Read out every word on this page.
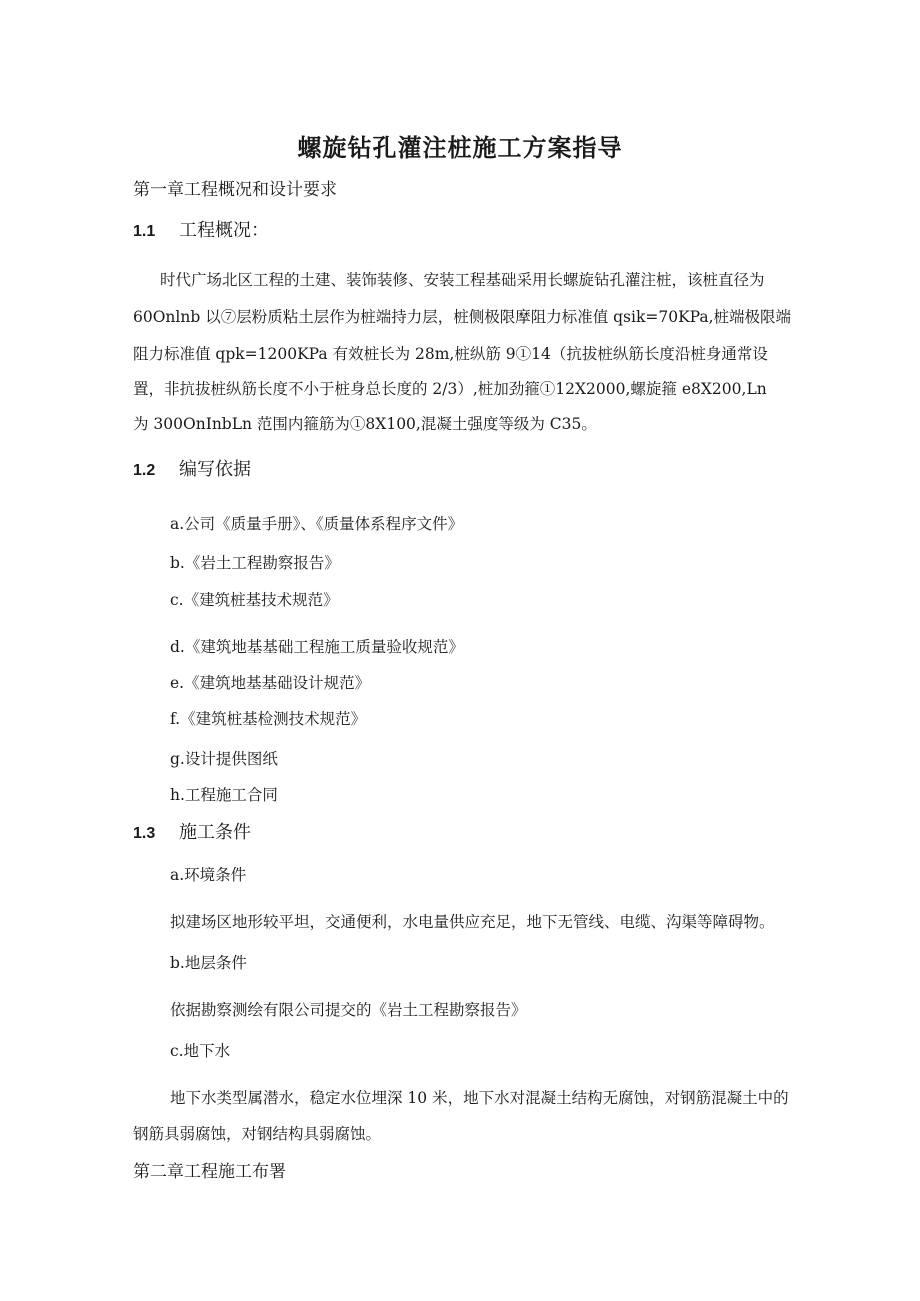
螺旋钻孔灌注桩施工方案指导
第一章工程概况和设计要求
1.1 工程概况：
时代广场北区工程的土建、装饰装修、安装工程基础采用长螺旋钻孔灌注桩，该桩直径为
60Onlnb 以⑦层粉质粘土层作为桩端持力层，桩侧极限摩阻力标准值 qsik=70KPa,桩端极限端
阻力标准值 qpk=1200KPa 有效桩长为 28m,桩纵筋 9①14（抗拔桩纵筋长度沿桩身通常设
置，非抗拔桩纵筋长度不小于桩身总长度的 2/3）,桩加劲箍①12X2000,螺旋箍 e8X200,Ln
为 300OnInbLn 范围内箍筋为①8X100,混凝土强度等级为 C35。
1.2 编写依据
a.公司《质量手册》、《质量体系程序文件》
b.《岩土工程勘察报告》
c.《建筑桩基技术规范》
d.《建筑地基基础工程施工质量验收规范》
e.《建筑地基基础设计规范》
f.《建筑桩基检测技术规范》
g.设计提供图纸
h.工程施工合同
1.3 施工条件
a.环境条件
拟建场区地形较平坦，交通便利，水电量供应充足，地下无管线、电缆、沟渠等障碍物。
b.地层条件
依据勘察测绘有限公司提交的《岩土工程勘察报告》
c.地下水
地下水类型属潜水，稳定水位埋深 10 米，地下水对混凝土结构无腐蚀，对钢筋混凝土中的
钢筋具弱腐蚀，对钢结构具弱腐蚀。
第二章工程施工布署
